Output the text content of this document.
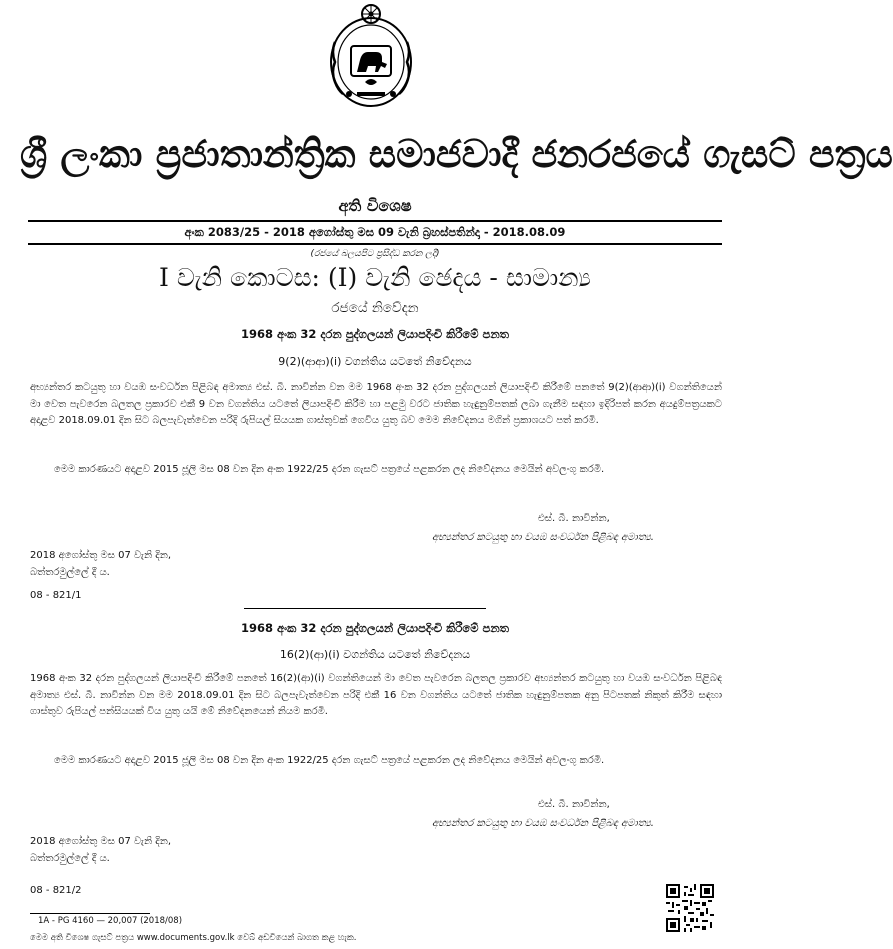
ශ්‍රී ලංකා ප්‍රජාතාන්ත්‍රික සමාජවාදී ජනරජයේ ගැසට් පත්‍රය
අති විශෙෂ
අංක 2083/25 - 2018 අගෝස්තු මස 09 වැනි බ්‍රහස්පතින්දා - 2018.08.09
(රජයේ බලයපිට ප්‍රසිද්ධ කරන ලදී)
I වැනි කොටස: (I) වැනි ඡෙදය - සාමාන්‍ය
රජයේ නිවේදන
1968 අංක 32 දරන පුද්ගලයන් ලියාපදිංචි කිරීමේ පනත
9(2)(ආආ)(i) වගන්තිය යටතේ නිවේදනය
අභ්‍යන්තර කටයුතු හා වයඹ සංවර්ධන පිළිබඳ අමාත්‍ය එස්. බී. නාවින්න වන මම 1968 අංක 32 දරන පුද්ගලයන් ලියාපදිංචි කිරීමේ පනතේ 9(2)(ආආ)(i) වගන්තියෙන් මා වෙත පැවරෙන බලතල ප්‍රකාරව එකී 9 වන වගන්තිය යටතේ ලියාපදිංචි කිරීම හා පළමු වරට ජාතික හැඳුනුම්පතක් ලබා ගැනීම සඳහා ඉදිරිපත් කරන අයදුම්පත්‍රයකට අදාළව 2018.09.01 දින සිට බලපැවැත්වෙන පරිදි රුපියල් සියයක ගාස්තුවක් ගෙවිය යුතු බව මෙම නිවේදනය මගින් ප්‍රකාශයට පත් කරමි.
මෙම කාරණයට අදාළව 2015 ජූලි මස 08 වන දින අංක 1922/25 දරන ගැසට් පත්‍රයේ පළකරන ලද නිවේදනය මෙයින් අවලංගු කරමි.
එස්. බී. නාවින්න,
අභ්‍යන්තර කටයුතු හා වයඹ සංවර්ධන පිළිබඳ අමාත්‍ය.
2018 අගෝස්තු මස 07 වැනි දින,
බත්තරමුල්ලේ දී ය.
08 - 821/1
1968 අංක 32 දරන පුද්ගලයන් ලියාපදිංචි කිරීමේ පනත
16(2)(ආ)(i) වගන්තිය යටතේ නිවේදනය
1968 අංක 32 දරන පුද්ගලයන් ලියාපදිංචි කිරීමේ පනතේ 16(2)(ආ)(i) වගන්තියෙන් මා වෙත පැවරෙන බලතල ප්‍රකාරව අභ්‍යන්තර කටයුතු හා වයඹ සංවර්ධන පිළිබඳ අමාත්‍ය එස්. බී. නාවින්න වන මම 2018.09.01 දින සිට බලපැවැත්වෙන පරිදි එකී 16 වන වගන්තිය යටතේ ජාතික හැඳුනුම්පතක අනු පිටපතක් නිකුත් කිරීම සඳහා ගාස්තුව රුපියල් පන්සියයක් විය යුතු යයි මේ නිවේදනයෙන් නියම කරමි.
මෙම කාරණයට අදාළව 2015 ජූලි මස 08 වන දින අංක 1922/25 දරන ගැසට් පත්‍රයේ පළකරන ලද නිවේදනය මෙයින් අවලංගු කරමි.
එස්. බී. නාවින්න,
අභ්‍යන්තර කටයුතු හා වයඹ සංවර්ධන පිළිබඳ අමාත්‍ය.
2018 අගෝස්තු මස 07 වැනි දින,
බත්තරමුල්ලේ දී ය.
08 - 821/2
1A - PG 4160 — 20,007 (2018/08)
මෙම අති විශෙෂ ගැසට් පත්‍රය www.documents.gov.lk වෙබ් අඩවියෙන් බාගත කළ හැක.
